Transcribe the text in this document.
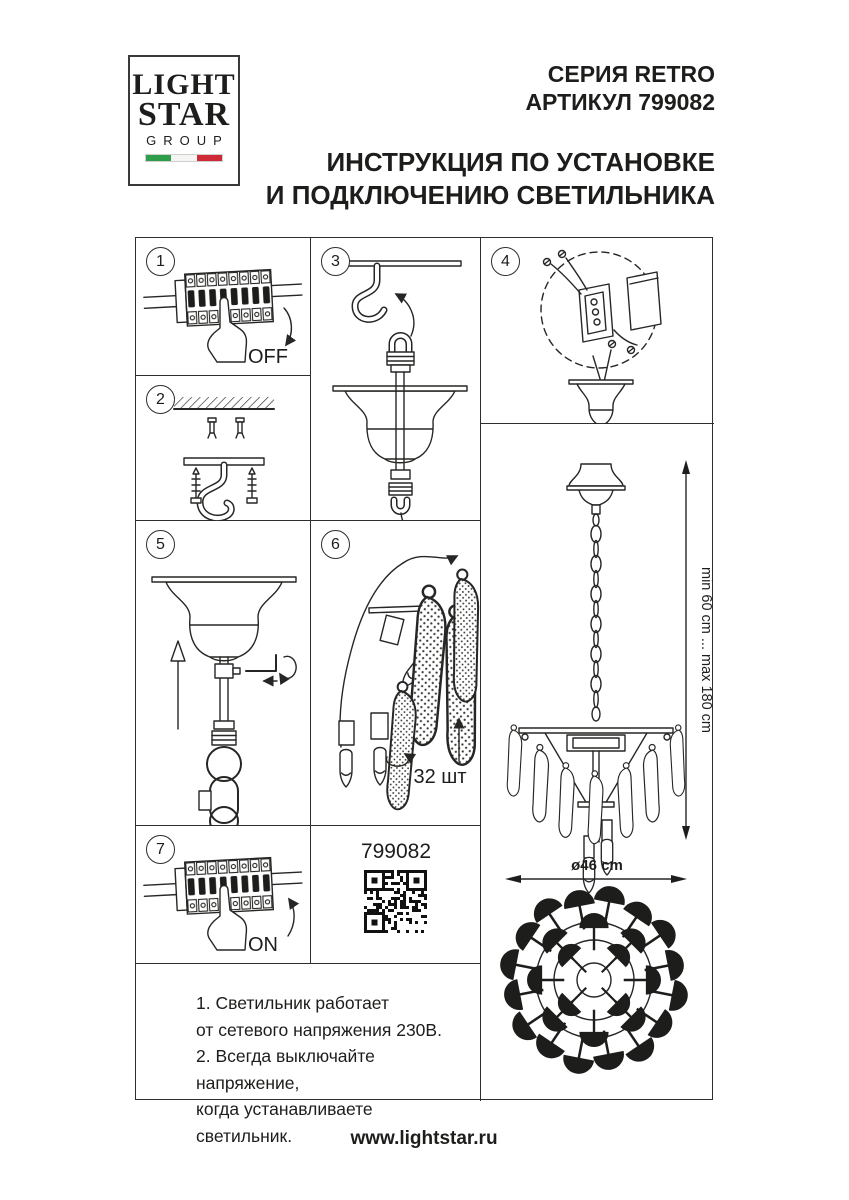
LIGHT
STAR
GROUP
СЕРИЯ RETRO
АРТИКУЛ 799082
ИНСТРУКЦИЯ ПО УСТАНОВКЕ
И ПОДКЛЮЧЕНИЮ СВЕТИЛЬНИКА
1
OFF
2
3	4
5	6
32 шт
7
ON
799082
1. Светильник работает
от сетевого напряжения 230В.
2. Всегда выключайте напряжение,
когда устанавливаете светильник.
min 60 cm ... max 180 cm
ø46 cm
www.lightstar.ru
